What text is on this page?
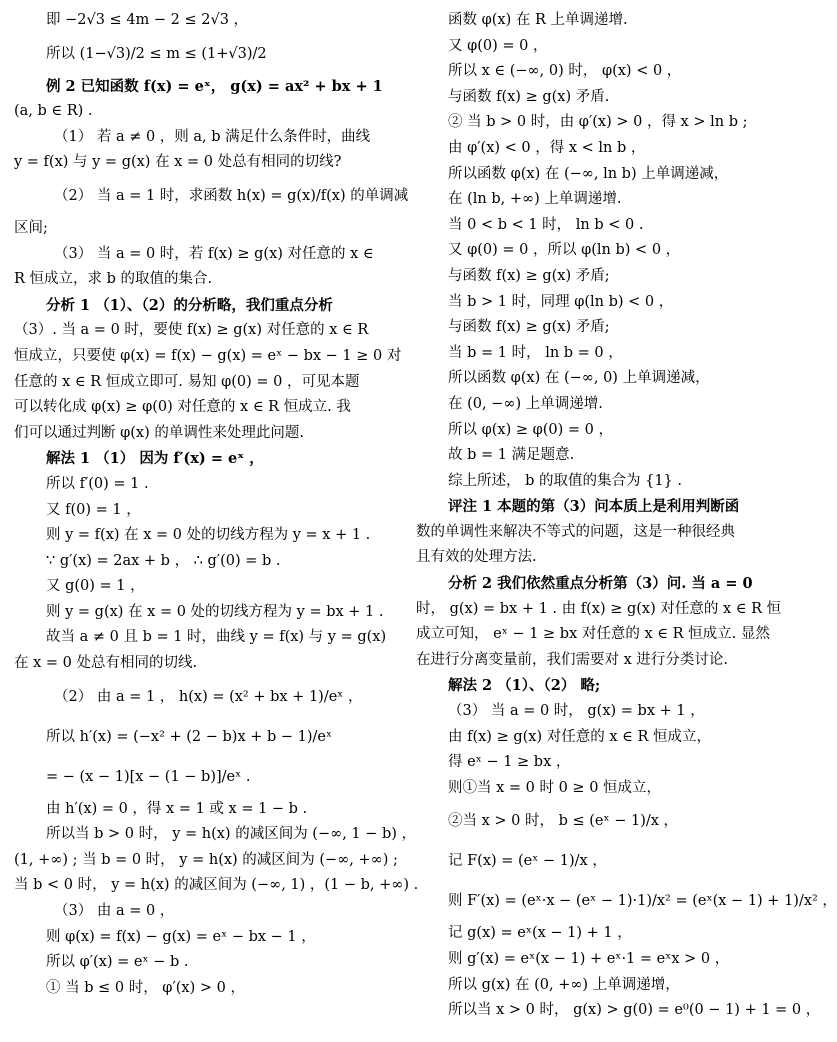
即 −2√3 ≤ 4m − 2 ≤ 2√3 ，
所以 (1−√3)/2 ≤ m ≤ (1+√3)/2
例 2 已知函数 f(x) = eˣ， g(x) = ax² + bx + 1
(a, b ∈ R) .
（1） 若 a ≠ 0 ，则 a, b 满足什么条件时，曲线
y = f(x) 与 y = g(x) 在 x = 0 处总有相同的切线?
（2） 当 a = 1 时，求函数 h(x) = g(x)/f(x) 的单调减
区间;
（3） 当 a = 0 时，若 f(x) ≥ g(x) 对任意的 x ∈
R 恒成立，求 b 的取值的集合.
分析 1 （1）、（2）的分析略，我们重点分析
（3）. 当 a = 0 时，要使 f(x) ≥ g(x) 对任意的 x ∈ R
恒成立，只要使 φ(x) = f(x) − g(x) = eˣ − bx − 1 ≥ 0 对
任意的 x ∈ R 恒成立即可. 易知 φ(0) = 0 ，可见本题
可以转化成 φ(x) ≥ φ(0) 对任意的 x ∈ R 恒成立. 我
们可以通过判断 φ(x) 的单调性来处理此问题.
解法 1 （1） 因为 f′(x) = eˣ ，
所以 f′(0) = 1 .
又 f(0) = 1 ，
则 y = f(x) 在 x = 0 处的切线方程为 y = x + 1 .
∵ g′(x) = 2ax + b ， ∴ g′(0) = b .
又 g(0) = 1 ，
则 y = g(x) 在 x = 0 处的切线方程为 y = bx + 1 .
故当 a ≠ 0 且 b = 1 时，曲线 y = f(x) 与 y = g(x)
在 x = 0 处总有相同的切线.
（2） 由 a = 1 ， h(x) = (x² + bx + 1)/eˣ ，
所以 h′(x) = (−x² + (2 − b)x + b − 1)/eˣ
= − (x − 1)[x − (1 − b)]/eˣ .
由 h′(x) = 0 ，得 x = 1 或 x = 1 − b .
所以当 b > 0 时， y = h(x) 的减区间为 (−∞, 1 − b) ，
(1, +∞) ; 当 b = 0 时， y = h(x) 的减区间为 (−∞, +∞) ;
当 b < 0 时， y = h(x) 的减区间为 (−∞, 1) ，(1 − b, +∞) .
（3） 由 a = 0 ，
则 φ(x) = f(x) − g(x) = eˣ − bx − 1 ，
所以 φ′(x) = eˣ − b .
① 当 b ≤ 0 时， φ′(x) > 0 ，
函数 φ(x) 在 R 上单调递增.
又 φ(0) = 0 ，
所以 x ∈ (−∞, 0) 时， φ(x) < 0 ，
与函数 f(x) ≥ g(x) 矛盾.
② 当 b > 0 时，由 φ′(x) > 0 ，得 x > ln b ;
由 φ′(x) < 0 ，得 x < ln b ，
所以函数 φ(x) 在 (−∞, ln b) 上单调递减，
在 (ln b, +∞) 上单调递增.
当 0 < b < 1 时， ln b < 0 .
又 φ(0) = 0 ，所以 φ(ln b) < 0 ，
与函数 f(x) ≥ g(x) 矛盾;
当 b > 1 时，同理 φ(ln b) < 0 ，
与函数 f(x) ≥ g(x) 矛盾;
当 b = 1 时， ln b = 0 ，
所以函数 φ(x) 在 (−∞, 0) 上单调递减，
在 (0, −∞) 上单调递增.
所以 φ(x) ≥ φ(0) = 0 ，
故 b = 1 满足题意.
综上所述， b 的取值的集合为 {1} .
评注 1 本题的第（3）问本质上是利用判断函
数的单调性来解决不等式的问题，这是一种很经典
且有效的处理方法.
分析 2 我们依然重点分析第（3）问. 当 a = 0
时， g(x) = bx + 1 . 由 f(x) ≥ g(x) 对任意的 x ∈ R 恒
成立可知， eˣ − 1 ≥ bx 对任意的 x ∈ R 恒成立. 显然
在进行分离变量前，我们需要对 x 进行分类讨论.
解法 2 （1）、（2） 略;
（3） 当 a = 0 时， g(x) = bx + 1 ，
由 f(x) ≥ g(x) 对任意的 x ∈ R 恒成立，
得 eˣ − 1 ≥ bx ，
则①当 x = 0 时 0 ≥ 0 恒成立，
②当 x > 0 时， b ≤ (eˣ − 1)/x ，
记 F(x) = (eˣ − 1)/x ，
则 F′(x) = (eˣ·x − (eˣ − 1)·1)/x² = (eˣ(x − 1) + 1)/x² ，
记 g(x) = eˣ(x − 1) + 1 ，
则 g′(x) = eˣ(x − 1) + eˣ·1 = eˣx > 0 ，
所以 g(x) 在 (0, +∞) 上单调递增，
所以当 x > 0 时， g(x) > g(0) = e⁰(0 − 1) + 1 = 0 ，
